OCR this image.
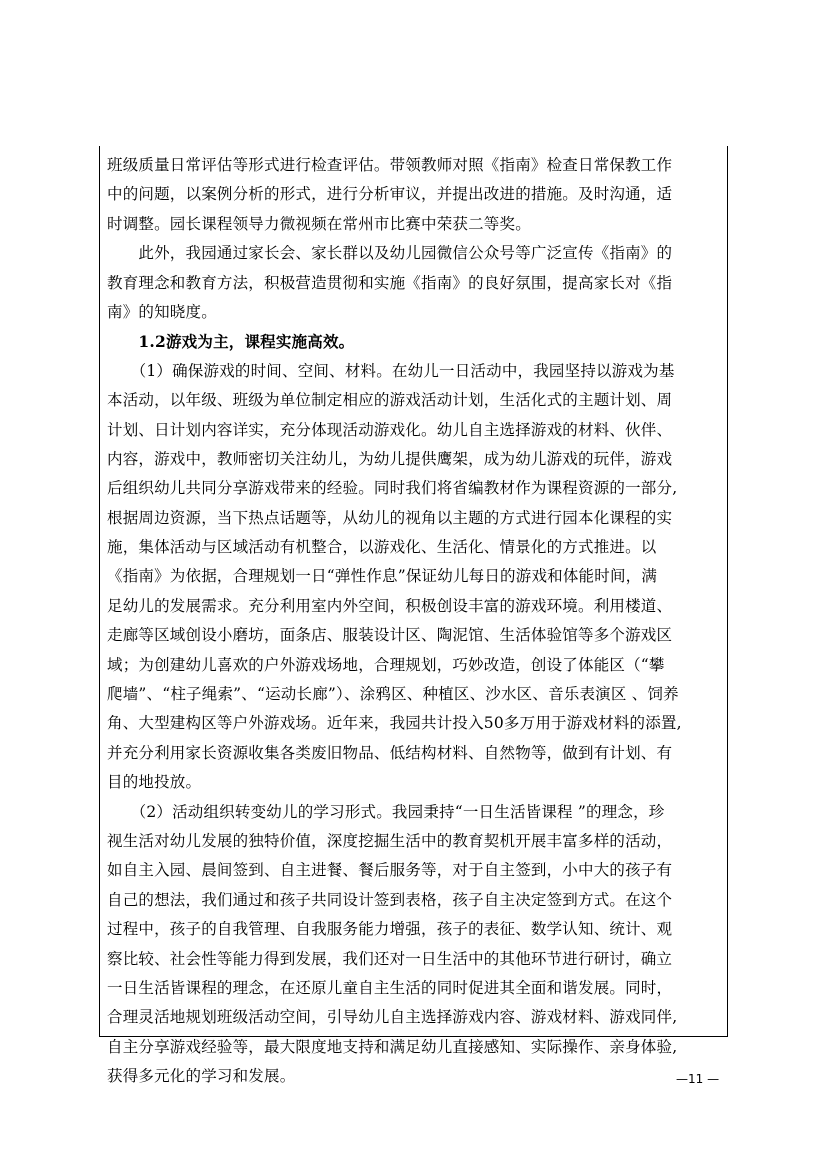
班级质量日常评估等形式进行检查评估。带领教师对照《指南》检查日常保教工作
中的问题，以案例分析的形式，进行分析审议，并提出改进的措施。及时沟通，适
时调整。园长课程领导力微视频在常州市比赛中荣获二等奖。
　　此外，我园通过家长会、家长群以及幼儿园微信公众号等广泛宣传《指南》的
教育理念和教育方法，积极营造贯彻和实施《指南》的良好氛围，提高家长对《指
南》的知晓度。
　　1.2游戏为主，课程实施高效。
　　（1）确保游戏的时间、空间、材料。在幼儿一日活动中，我园坚持以游戏为基
本活动，以年级、班级为单位制定相应的游戏活动计划，生活化式的主题计划、周
计划、日计划内容详实，充分体现活动游戏化。幼儿自主选择游戏的材料、伙伴、
内容，游戏中，教师密切关注幼儿，为幼儿提供鹰架，成为幼儿游戏的玩伴，游戏
后组织幼儿共同分享游戏带来的经验。同时我们将省编教材作为课程资源的一部分,
根据周边资源，当下热点话题等，从幼儿的视角以主题的方式进行园本化课程的实
施，集体活动与区域活动有机整合，以游戏化、生活化、情景化的方式推进。以
《指南》为依据，合理规划一日“弹性作息”保证幼儿每日的游戏和体能时间，满
足幼儿的发展需求。充分利用室内外空间，积极创设丰富的游戏环境。利用楼道、
走廊等区域创设小磨坊，面条店、服装设计区、陶泥馆、生活体验馆等多个游戏区
域；为创建幼儿喜欢的户外游戏场地，合理规划，巧妙改造，创设了体能区（“攀
爬墙”、“柱子绳索”、“运动长廊”）、涂鸦区、种植区、沙水区、音乐表演区 、饲养
角、大型建构区等户外游戏场。近年来，我园共计投入50多万用于游戏材料的添置,
并充分利用家长资源收集各类废旧物品、低结构材料、自然物等，做到有计划、有
目的地投放。
　　（2）活动组织转变幼儿的学习形式。我园秉持“一日生活皆课程 ”的理念，珍
视生活对幼儿发展的独特价值，深度挖掘生活中的教育契机开展丰富多样的活动，
如自主入园、晨间签到、自主进餐、餐后服务等，对于自主签到，小中大的孩子有
自己的想法，我们通过和孩子共同设计签到表格，孩子自主决定签到方式。在这个
过程中，孩子的自我管理、自我服务能力增强，孩子的表征、数学认知、统计、观
察比较、社会性等能力得到发展，我们还对一日生活中的其他环节进行研讨，确立
一日生活皆课程的理念，在还原儿童自主生活的同时促进其全面和谐发展。同时，
合理灵活地规划班级活动空间，引导幼儿自主选择游戏内容、游戏材料、游戏同伴,
自主分享游戏经验等，最大限度地支持和满足幼儿直接感知、实际操作、亲身体验,
获得多元化的学习和发展。	—11 —
